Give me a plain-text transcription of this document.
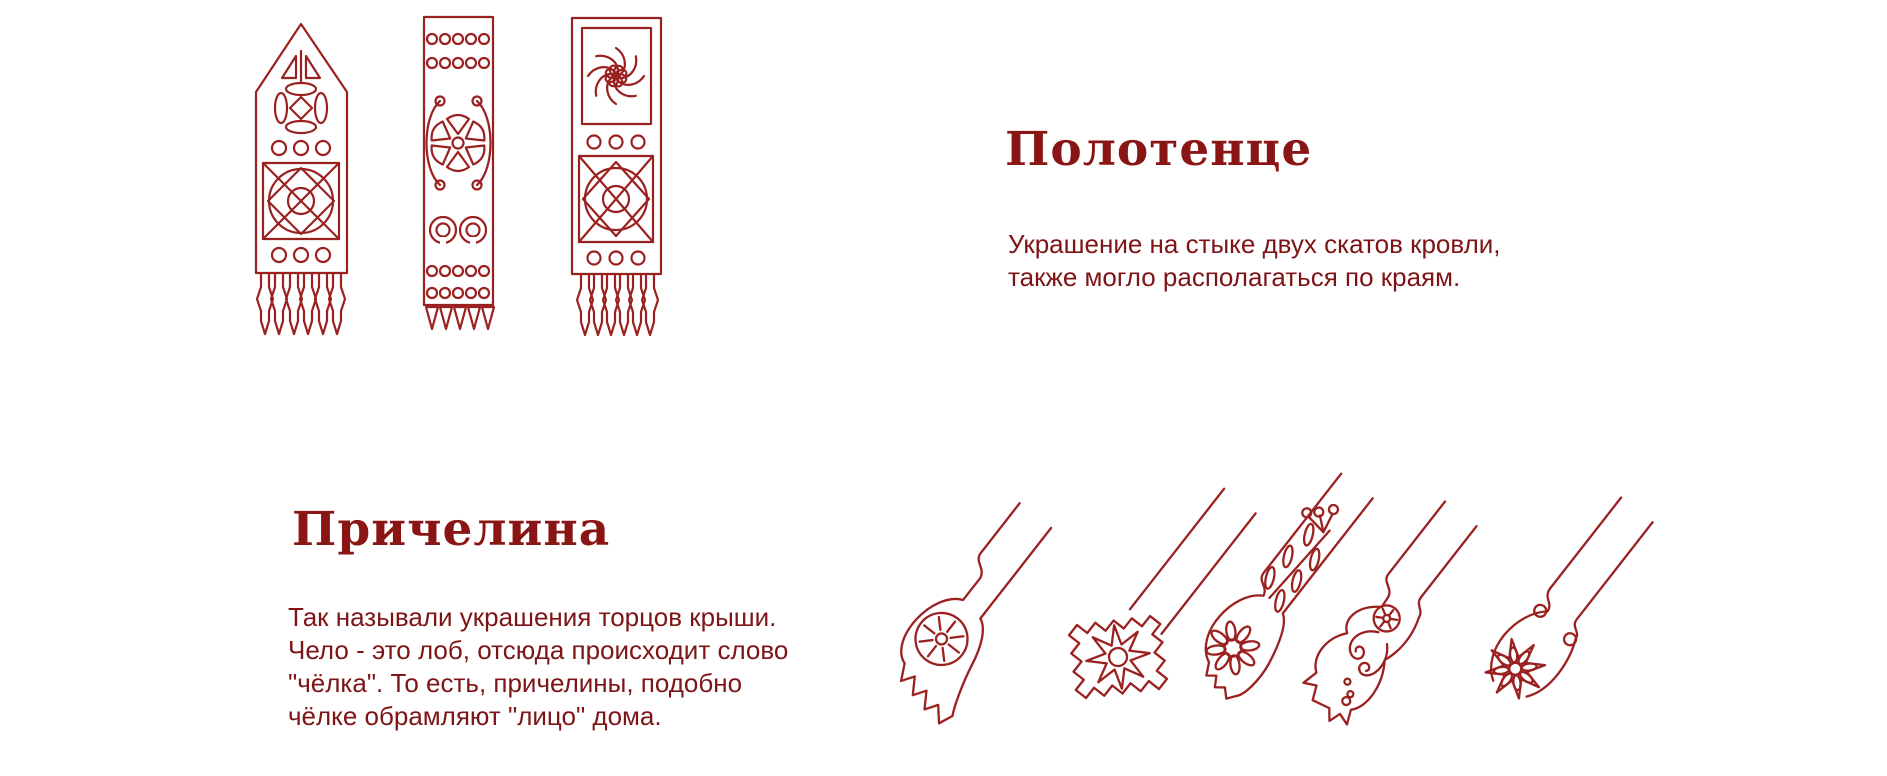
Полотенце
Украшение на стыке двух скатов кровли,
также могло располагаться по краям.
Причелина
Так называли украшения торцов крыши.
Чело - это лоб, отсюда происходит слово
"чёлка". То есть, причелины, подобно
чёлке обрамляют "лицо" дома.
